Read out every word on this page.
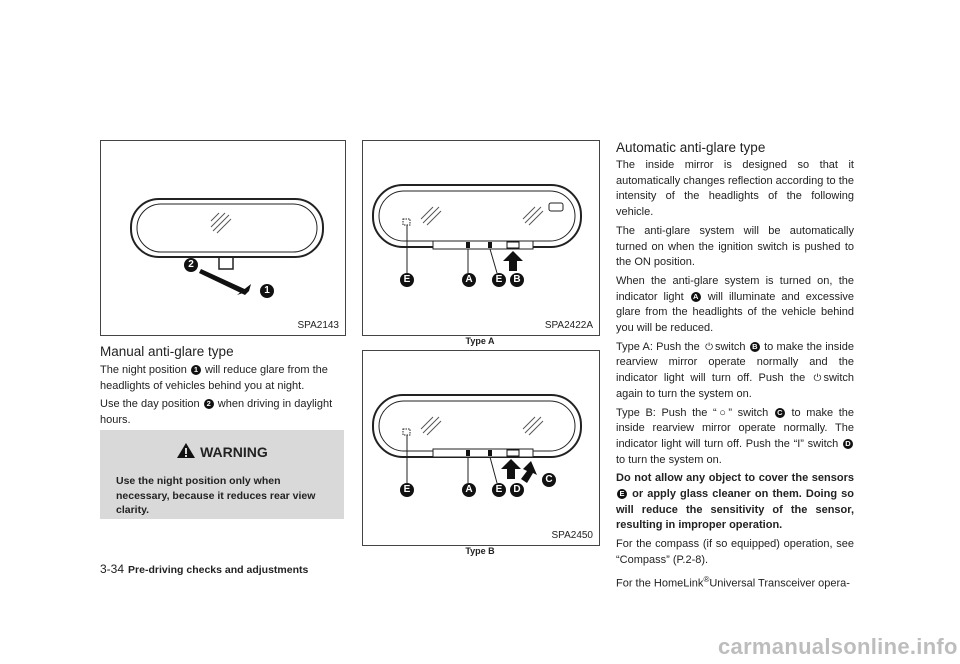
2
1
SPA2143
E	A	E	B
SPA2422A
Type A
E	A	E	D
C
SPA2450
Type B
Manual anti-glare type

The night position 1 will reduce glare from the headlights of vehicles behind you at night.

Use the day position 2 when driving in daylight hours.

WARNING
Use the night position only when necessary, because it reduces rear view clarity.
Automatic anti-glare type

The inside mirror is designed so that it automatically changes reflection according to the intensity of the headlights of the following vehicle.

The anti-glare system will be automatically turned on when the ignition switch is pushed to the ON position.

When the anti-glare system is turned on, the indicator light A will illuminate and excessive glare from the headlights of the vehicle behind you will be reduced.

Type A: Push the ⏻ switch B to make the inside rearview mirror operate normally and the indicator light will turn off. Push the ⏻ switch again to turn the system on.

Type B: Push the “○” switch C to make the inside rearview mirror operate normally. The indicator light will turn off. Push the “I” switch D to turn the system on.

Do not allow any object to cover the sensors E or apply glass cleaner on them. Doing so will reduce the sensitivity of the sensor, resulting in improper operation.

For the compass (if so equipped) operation, see “Compass” (P.2-8).

For the HomeLink®Universal Transceiver opera-

3-34 Pre-driving checks and adjustments
carmanualsonline.info
